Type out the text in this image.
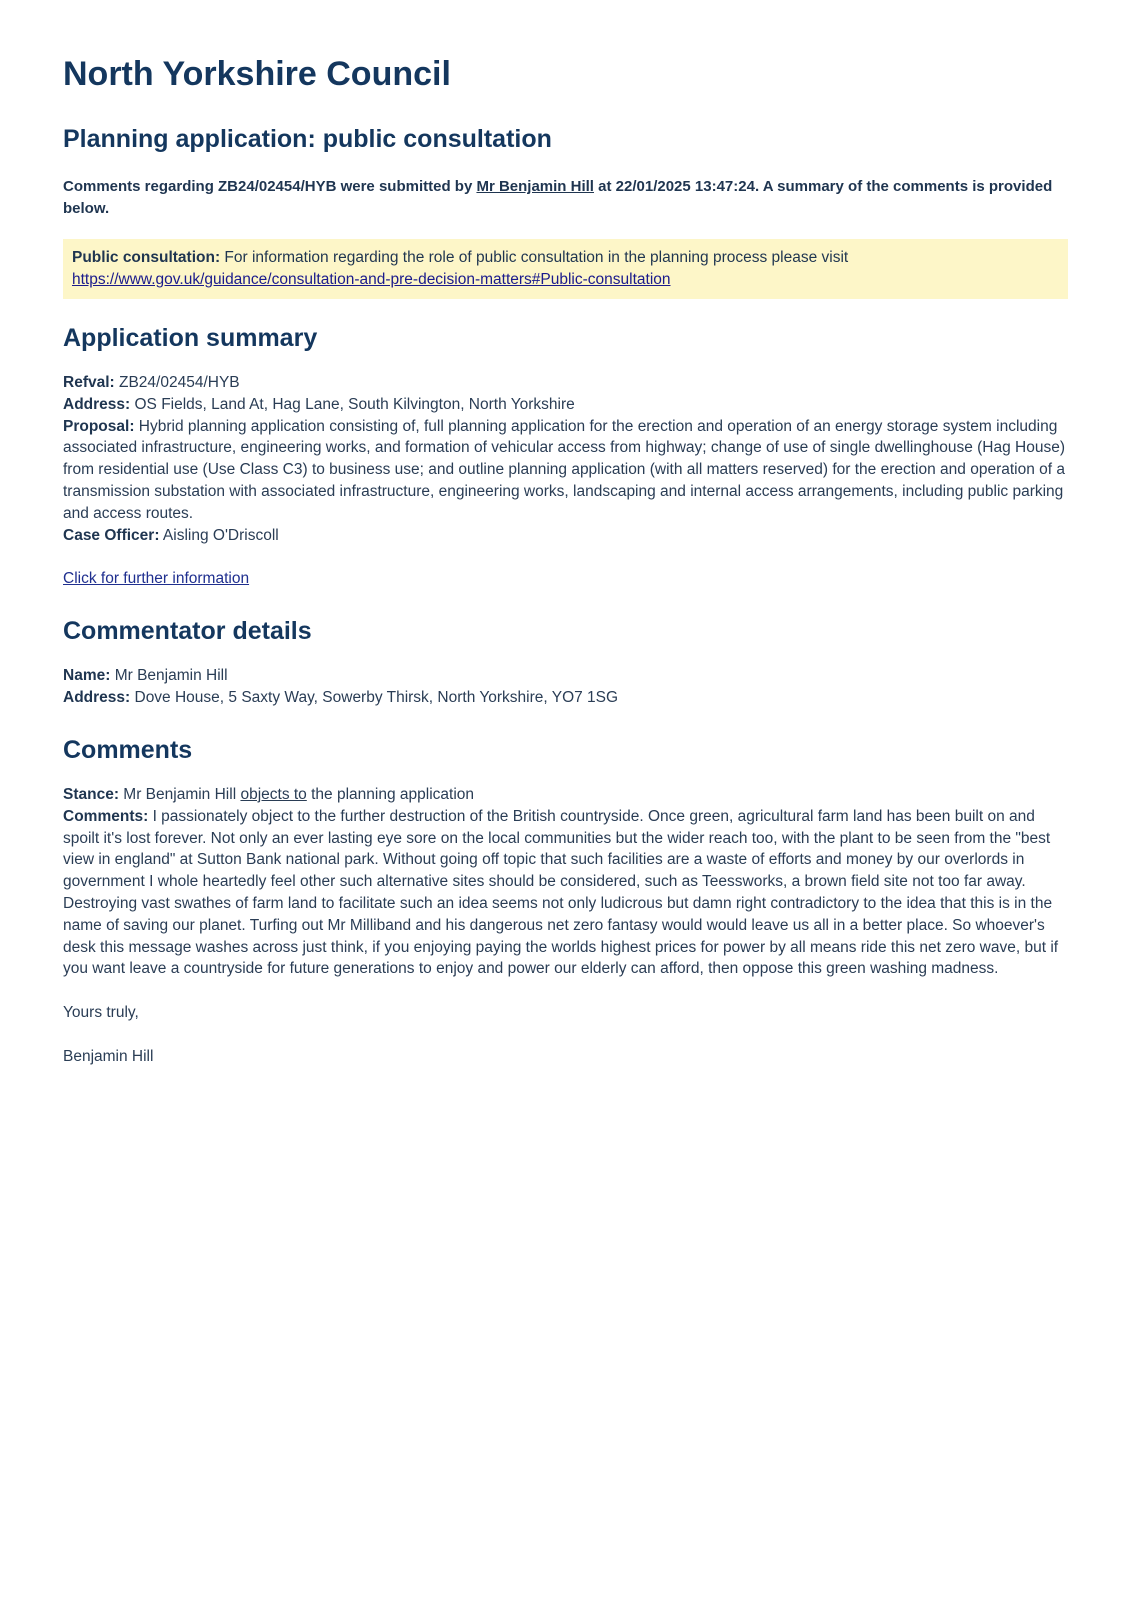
North Yorkshire Council
Planning application: public consultation
Comments regarding ZB24/02454/HYB were submitted by Mr Benjamin Hill at 22/01/2025 13:47:24. A summary of the comments is provided below.
Public consultation: For information regarding the role of public consultation in the planning process please visit
https://www.gov.uk/guidance/consultation-and-pre-decision-matters#Public-consultation
Application summary
Refval: ZB24/02454/HYB
Address: OS Fields, Land At, Hag Lane, South Kilvington, North Yorkshire
Proposal: Hybrid planning application consisting of, full planning application for the erection and operation of an energy storage system including associated infrastructure, engineering works, and formation of vehicular access from highway; change of use of single dwellinghouse (Hag House) from residential use (Use Class C3) to business use; and outline planning application (with all matters reserved) for the erection and operation of a transmission substation with associated infrastructure, engineering works, landscaping and internal access arrangements, including public parking and access routes.
Case Officer: Aisling O'Driscoll
Click for further information
Commentator details
Name: Mr Benjamin Hill
Address: Dove House, 5 Saxty Way, Sowerby Thirsk, North Yorkshire, YO7 1SG
Comments
Stance: Mr Benjamin Hill objects to the planning application
Comments: I passionately object to the further destruction of the British countryside. Once green, agricultural farm land has been built on and spoilt it's lost forever. Not only an ever lasting eye sore on the local communities but the wider reach too, with the plant to be seen from the "best view in england" at Sutton Bank national park. Without going off topic that such facilities are a waste of efforts and money by our overlords in government I whole heartedly feel other such alternative sites should be considered, such as Teessworks, a brown field site not too far away. Destroying vast swathes of farm land to facilitate such an idea seems not only ludicrous but damn right contradictory to the idea that this is in the name of saving our planet. Turfing out Mr Milliband and his dangerous net zero fantasy would would leave us all in a better place. So whoever's desk this message washes across just think, if you enjoying paying the worlds highest prices for power by all means ride this net zero wave, but if you want leave a countryside for future generations to enjoy and power our elderly can afford, then oppose this green washing madness.
Yours truly,
Benjamin Hill
